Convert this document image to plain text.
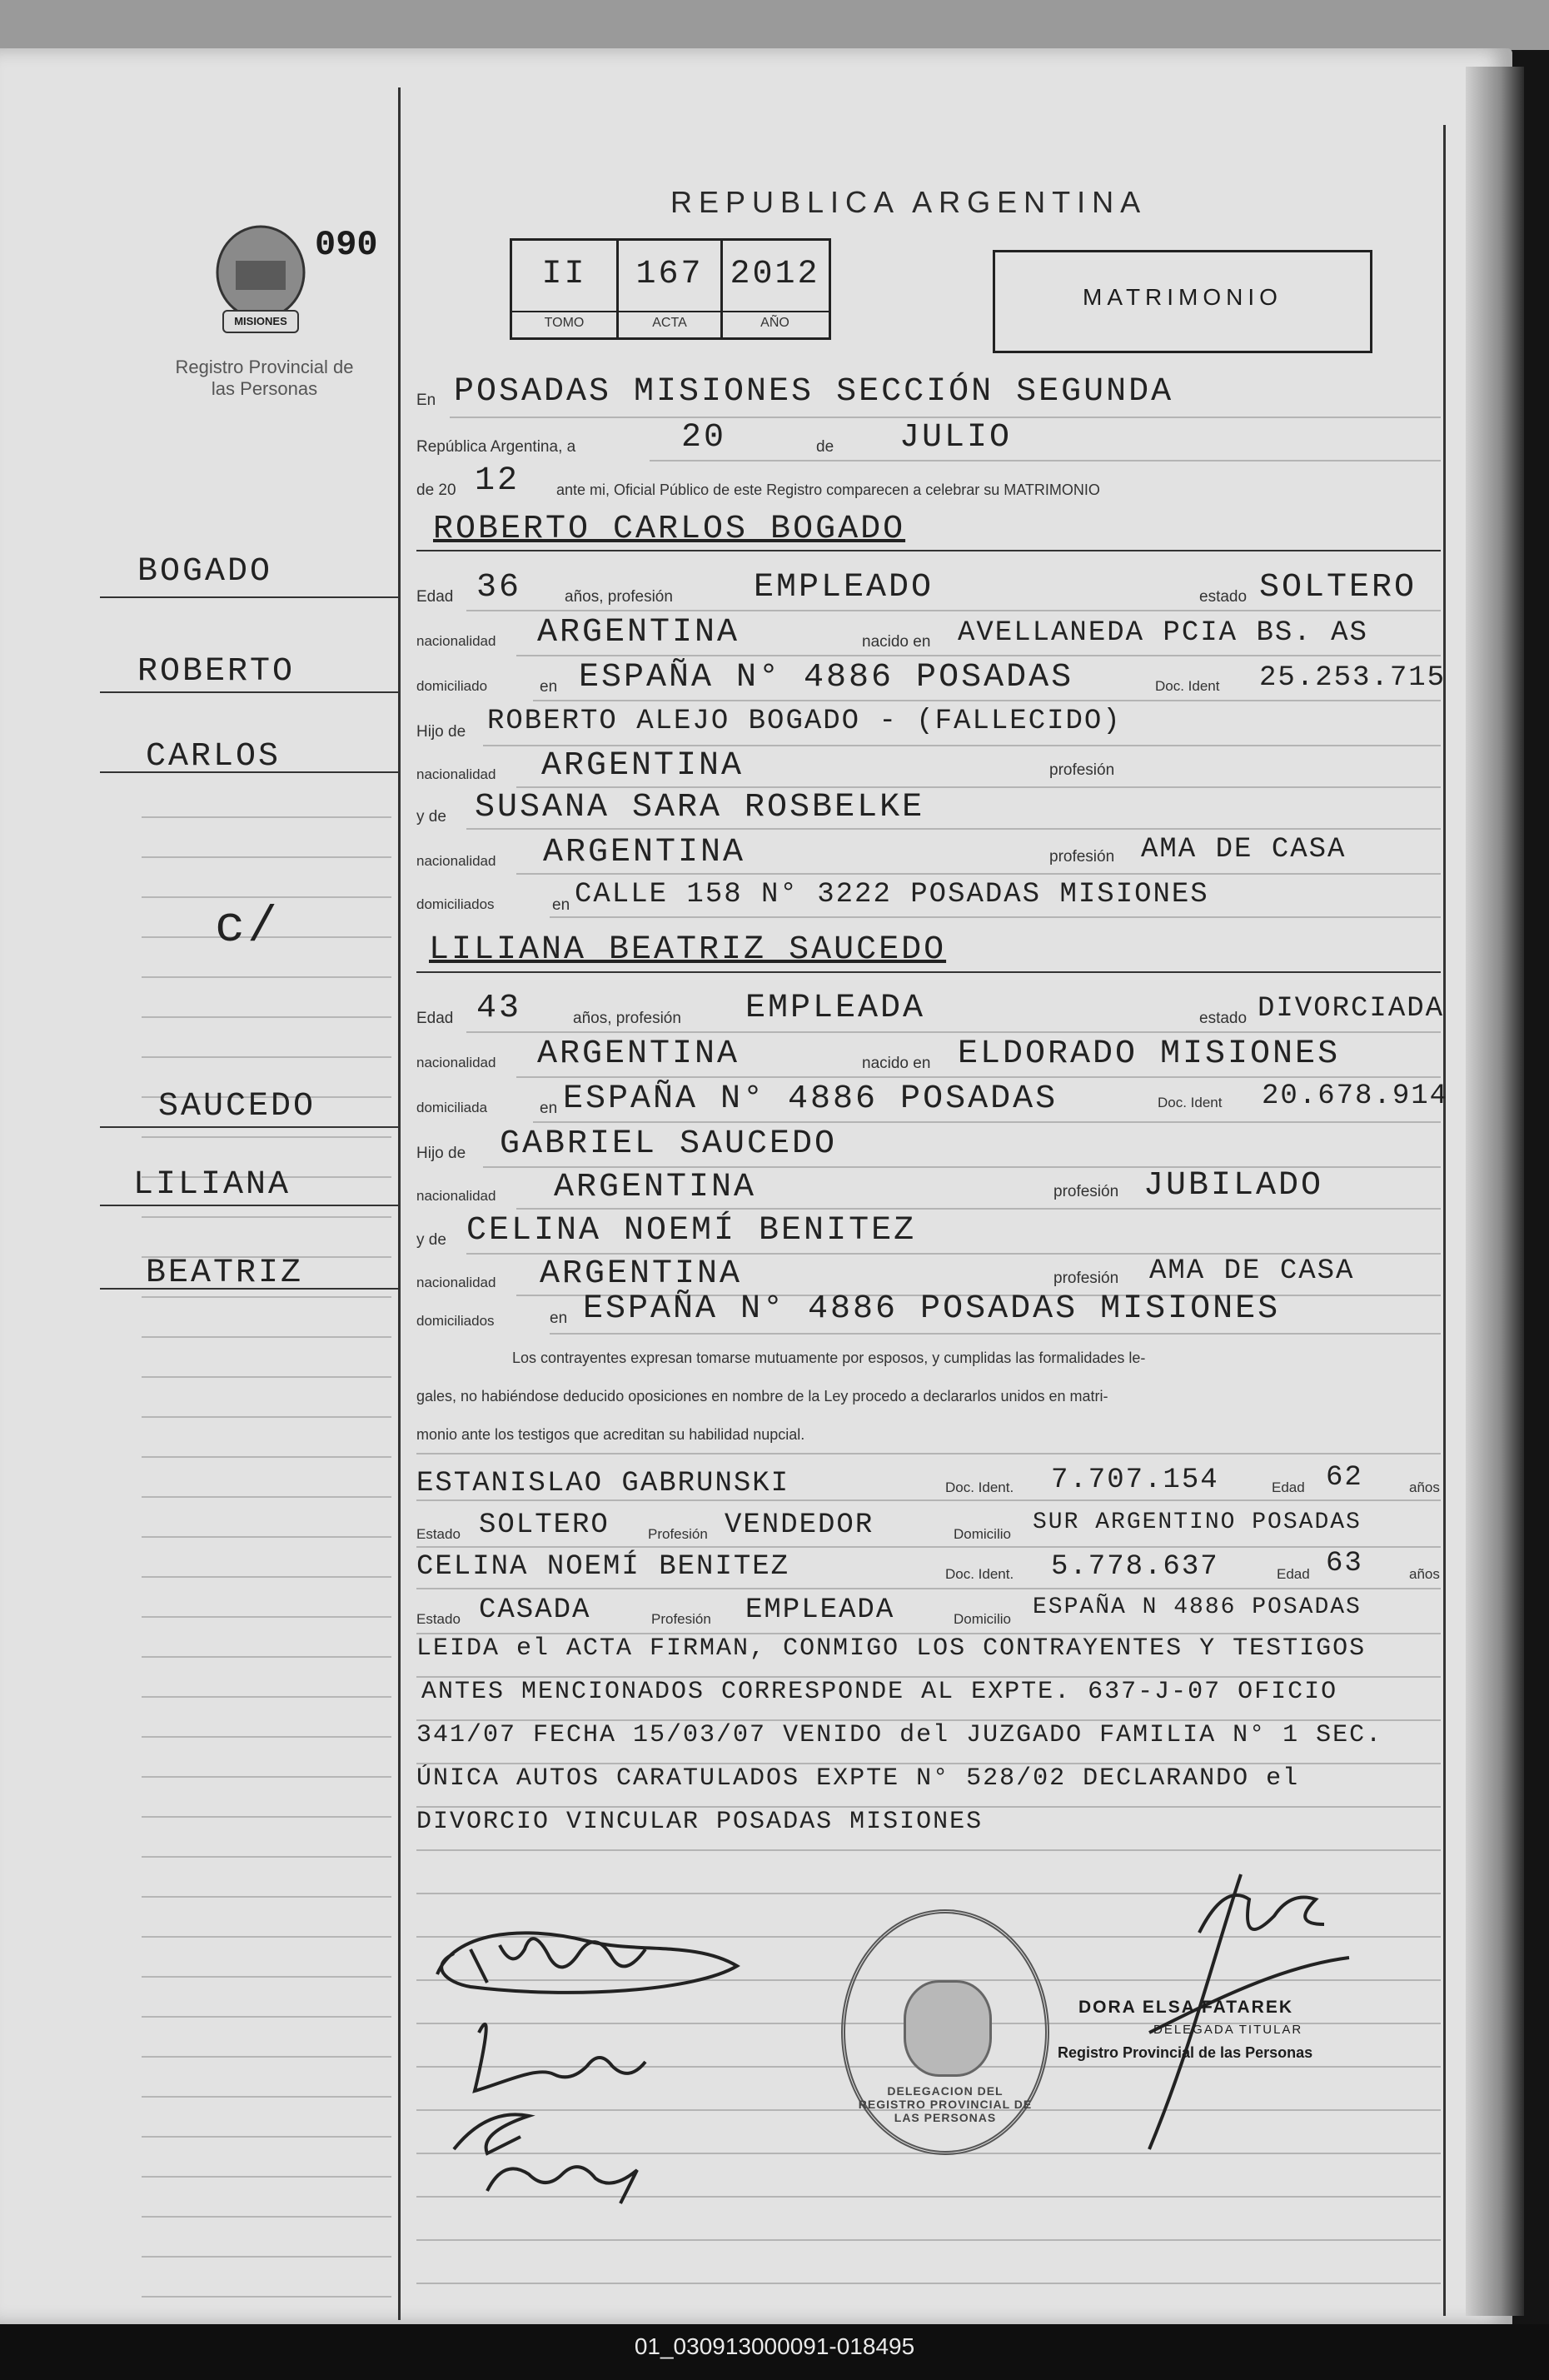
MISIONES
090
Registro Provincial de las Personas
REPUBLICA ARGENTINA
II	167 2012
TOMO	ACTA	AÑO
MATRIMONIO
En POSADAS MISIONES SECCIÓN SEGUNDA
República Argentina, a	20	de JULIO
de 20 12 ante mi, Oficial Público de este Registro comparecen a celebrar su MATRIMONIO
ROBERTO CARLOS BOGADO
Edad 36	años, profesión EMPLEADO	estado SOLTERO
nacionalidad ARGENTINA	nacido en AVELLANEDA PCIA BS. AS
domiciliado	en ESPAÑA N° 4886 POSADAS	Doc. Ident 25.253.715
Hijo de ROBERTO ALEJO BOGADO - (FALLECIDO)
nacionalidad ARGENTINA	profesión
y de SUSANA SARA ROSBELKE
nacionalidad ARGENTINA	profesión AMA DE CASA
domiciliados	en CALLE 158 N° 3222 POSADAS MISIONES
LILIANA BEATRIZ SAUCEDO
Edad 43	años, profesión EMPLEADA	estado DIVORCIADA
nacionalidad ARGENTINA	nacido en ELDORADO MISIONES
domiciliada	en ESPAÑA N° 4886 POSADAS	Doc. Ident 20.678.914
Hijo de GABRIEL SAUCEDO
nacionalidad ARGENTINA	profesión JUBILADO
y de CELINA NOEMÍ BENITEZ
nacionalidad ARGENTINA	profesión AMA DE CASA
domiciliados	en ESPAÑA N° 4886 POSADAS MISIONES
Los contrayentes expresan tomarse mutuamente por esposos, y cumplidas las formalidades le-
gales, no habiéndose deducido oposiciones en nombre de la Ley procedo a declararlos unidos en matri-
monio ante los testigos que acreditan su habilidad nupcial.
ESTANISLAO GABRUNSKI	Doc. Ident. 7.707.154	Edad 62	años
Estado SOLTERO	Profesión VENDEDOR	Domicilio SUR ARGENTINO POSADAS
CELINA NOEMÍ BENITEZ	Doc. Ident. 5.778.637	Edad 63	años
Estado CASADA	Profesión EMPLEADA	Domicilio ESPAÑA N 4886 POSADAS
LEIDA el ACTA FIRMAN, CONMIGO LOS CONTRAYENTES Y TESTIGOS
ANTES MENCIONADOS CORRESPONDE AL EXPTE. 637-J-07 OFICIO
341/07 FECHA 15/03/07 VENIDO del JUZGADO FAMILIA N° 1 SEC.
ÚNICA AUTOS CARATULADOS EXPTE N° 528/02 DECLARANDO el
DIVORCIO VINCULAR POSADAS MISIONES
BOGADO
ROBERTO
CARLOS
c/
SAUCEDO
LILIANA
BEATRIZ
DELEGACION DEL REGISTRO PROVINCIAL DE LAS PERSONAS
DORA ELSA FATAREK
DELEGADA TITULAR
Registro Provincial de las Personas
01_030913000091-018495
